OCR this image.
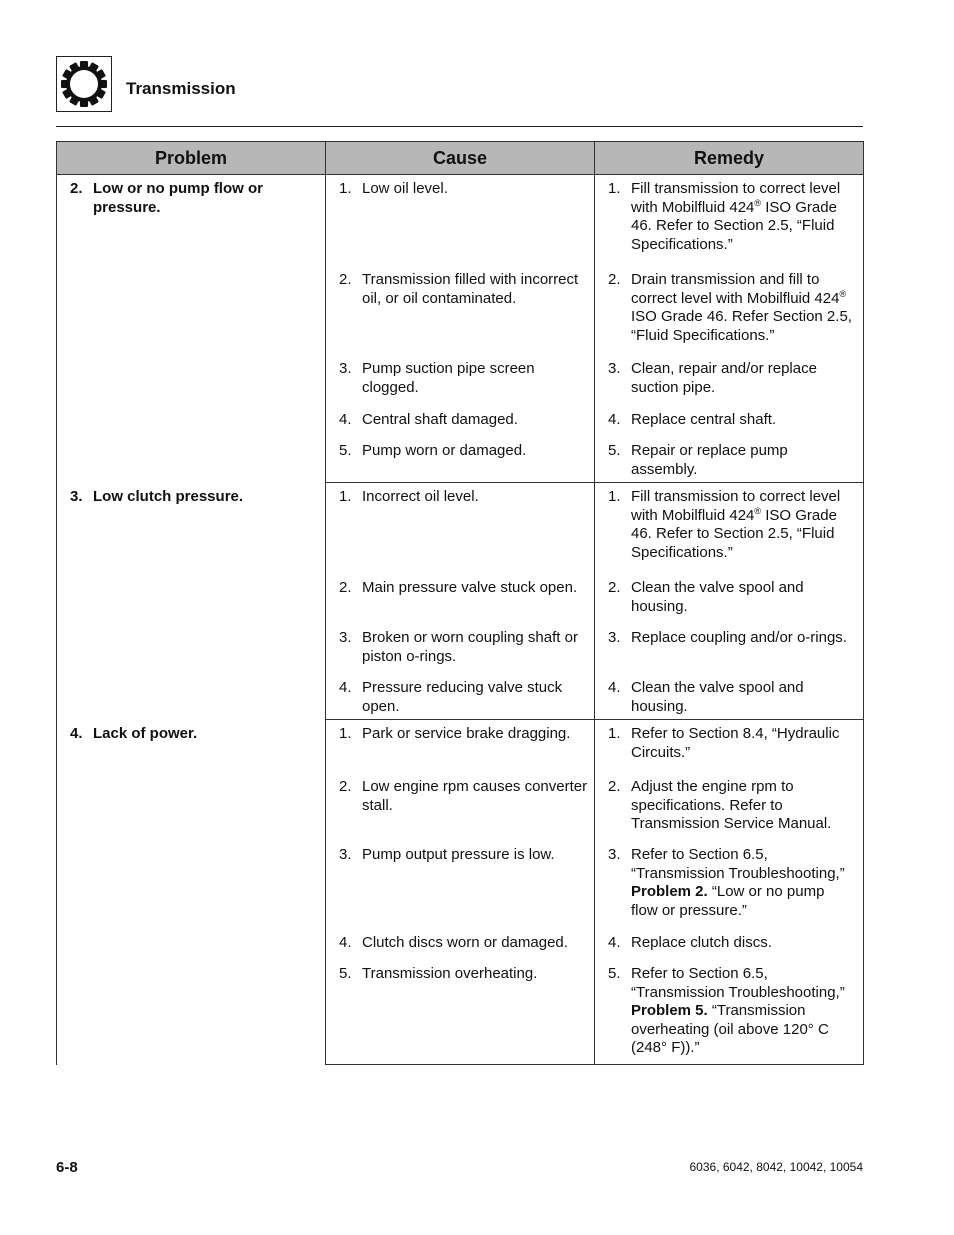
Transmission
Problem	Cause	Remedy

2. Low or no pump flow or pressure.	1. Low oil level.	1. Fill transmission to correct level with Mobilfluid 424® ISO Grade 46. Refer to Section 2.5, “Fluid Specifications.”

	2. Transmission filled with incorrect oil, or oil contaminated.	2. Drain transmission and fill to correct level with Mobilfluid 424® ISO Grade 46. Refer Section 2.5, “Fluid Specifications.”

	3. Pump suction pipe screen clogged.	3. Clean, repair and/or replace suction pipe.

	4. Central shaft damaged.	4. Replace central shaft.

	5. Pump worn or damaged.	5. Repair or replace pump assembly.

3. Low clutch pressure.	1. Incorrect oil level.	1. Fill transmission to correct level with Mobilfluid 424® ISO Grade 46. Refer to Section 2.5, “Fluid Specifications.”

	2. Main pressure valve stuck open.	2. Clean the valve spool and housing.

	3. Broken or worn coupling shaft or piston o-rings.	3. Replace coupling and/or o-rings.

	4. Pressure reducing valve stuck open.	4. Clean the valve spool and housing.

4. Lack of power.	1. Park or service brake dragging.	1. Refer to Section 8.4, “Hydraulic Circuits.”

	2. Low engine rpm causes converter stall.	2. Adjust the engine rpm to specifications. Refer to Transmission Service Manual.

	3. Pump output pressure is low.	3. Refer to Section 6.5, “Transmission Troubleshooting,” Problem 2. “Low or no pump flow or pressure.”

	4. Clutch discs worn or damaged.	4. Replace clutch discs.

	5. Transmission overheating.	5. Refer to Section 6.5, “Transmission Troubleshooting,” Problem 5. “Transmission overheating (oil above 120° C (248° F)).”
6-8	6036, 6042, 8042, 10042, 10054
